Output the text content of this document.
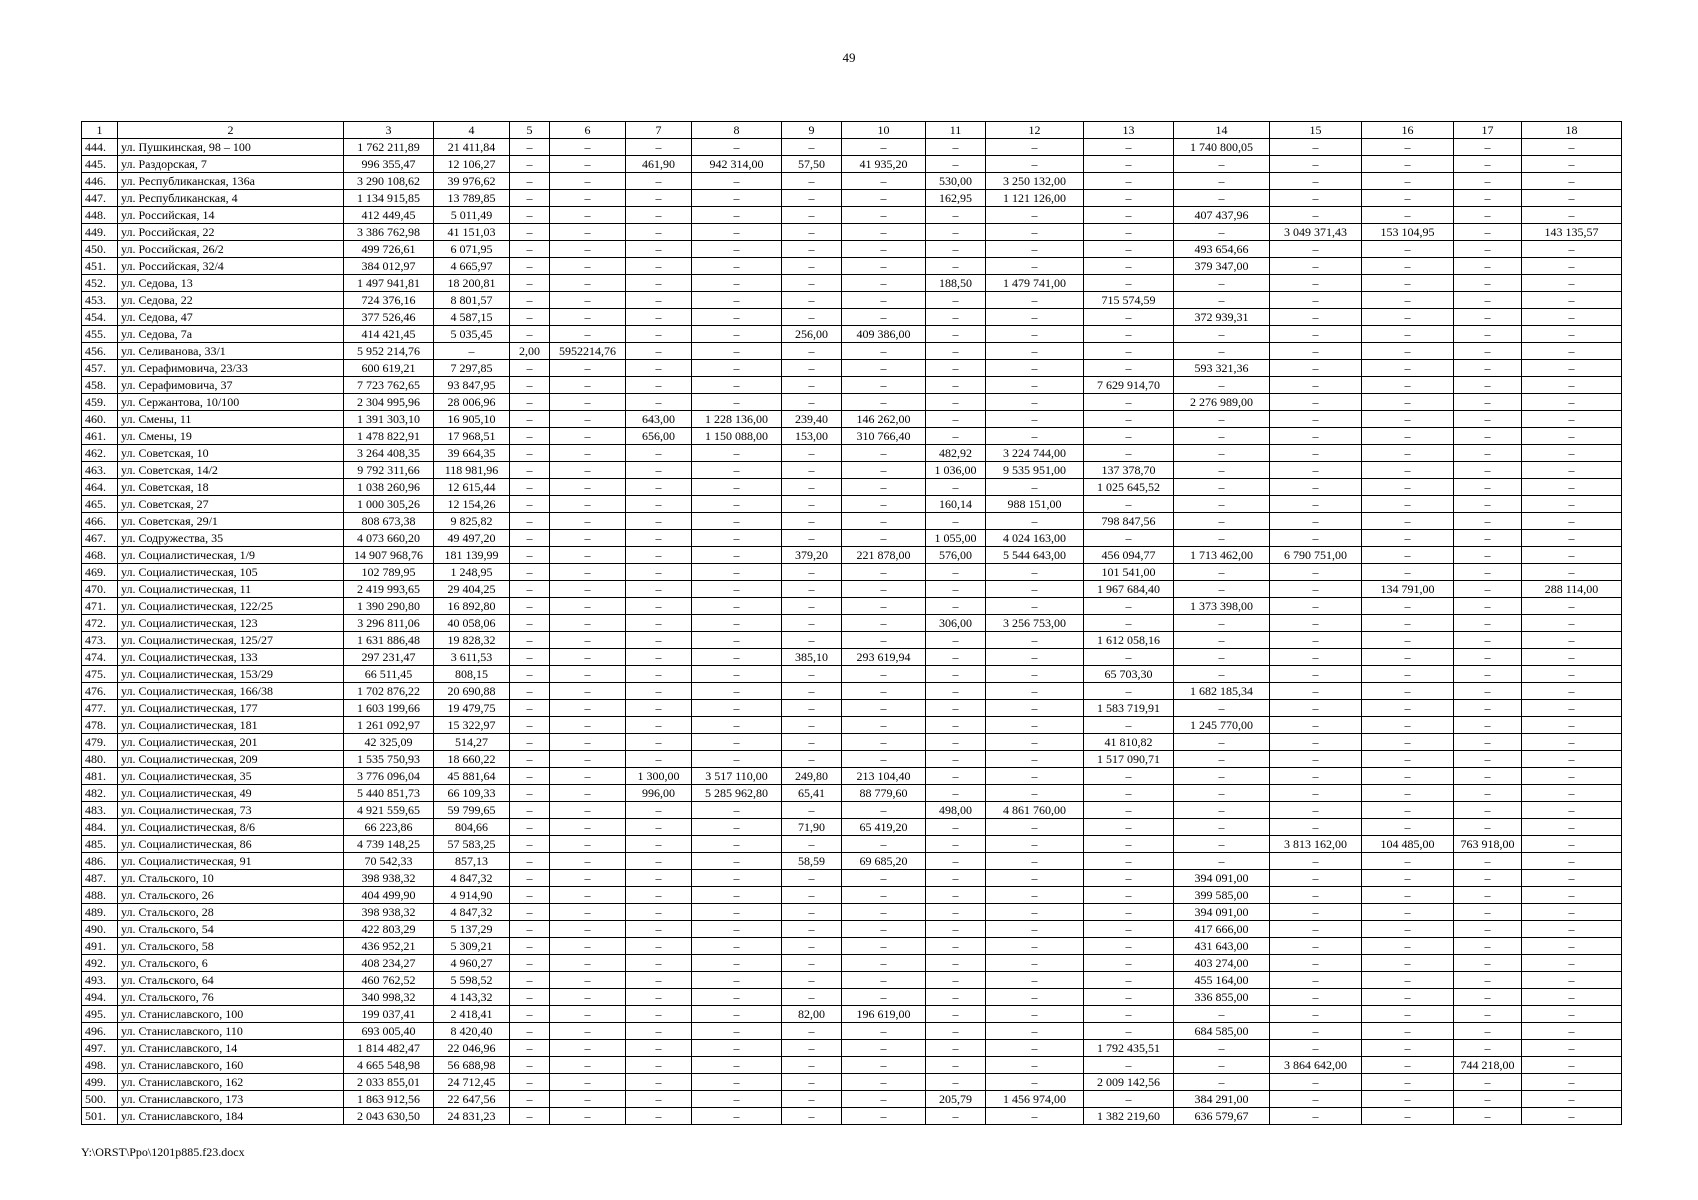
49
1	2	3	4	5	6	7	8	9	10	11	12	13	14	15	16	17	18
444.	ул. Пушкинская, 98 – 100	1 762 211,89	21 411,84	–	–	–	–	–	–	–	–	–	1 740 800,05	–	–	–	–
445.	ул. Раздорская, 7	996 355,47	12 106,27	–	–	461,90	942 314,00	57,50	41 935,20	–	–	–	–	–	–	–	–
446.	ул. Республиканская, 136а	3 290 108,62	39 976,62	–	–	–	–	–	–	530,00	3 250 132,00	–	–	–	–	–	–
447.	ул. Республиканская, 4	1 134 915,85	13 789,85	–	–	–	–	–	–	162,95	1 121 126,00	–	–	–	–	–	–
448.	ул. Российская, 14	412 449,45	5 011,49	–	–	–	–	–	–	–	–	–	407 437,96	–	–	–	–
449.	ул. Российская, 22	3 386 762,98	41 151,03	–	–	–	–	–	–	–	–	–	–	3 049 371,43	153 104,95	–	143 135,57
450.	ул. Российская, 26/2	499 726,61	6 071,95	–	–	–	–	–	–	–	–	–	493 654,66	–	–	–	–
451.	ул. Российская, 32/4	384 012,97	4 665,97	–	–	–	–	–	–	–	–	–	379 347,00	–	–	–	–
452.	ул. Седова, 13	1 497 941,81	18 200,81	–	–	–	–	–	–	188,50	1 479 741,00	–	–	–	–	–	–
453.	ул. Седова, 22	724 376,16	8 801,57	–	–	–	–	–	–	–	–	715 574,59	–	–	–	–	–
454.	ул. Седова, 47	377 526,46	4 587,15	–	–	–	–	–	–	–	–	–	372 939,31	–	–	–	–
455.	ул. Седова, 7а	414 421,45	5 035,45	–	–	–	–	256,00	409 386,00	–	–	–	–	–	–	–	–
456.	ул. Селиванова, 33/1	5 952 214,76	–	2,00	5952214,76	–	–	–	–	–	–	–	–	–	–	–	–
457.	ул. Серафимовича, 23/33	600 619,21	7 297,85	–	–	–	–	–	–	–	–	–	593 321,36	–	–	–	–
458.	ул. Серафимовича, 37	7 723 762,65	93 847,95	–	–	–	–	–	–	–	–	7 629 914,70	–	–	–	–	–
459.	ул. Сержантова, 10/100	2 304 995,96	28 006,96	–	–	–	–	–	–	–	–	–	2 276 989,00	–	–	–	–
460.	ул. Смены, 11	1 391 303,10	16 905,10	–	–	643,00	1 228 136,00	239,40	146 262,00	–	–	–	–	–	–	–	–
461.	ул. Смены, 19	1 478 822,91	17 968,51	–	–	656,00	1 150 088,00	153,00	310 766,40	–	–	–	–	–	–	–	–
462.	ул. Советская, 10	3 264 408,35	39 664,35	–	–	–	–	–	–	482,92	3 224 744,00	–	–	–	–	–	–
463.	ул. Советская, 14/2	9 792 311,66	118 981,96	–	–	–	–	–	–	1 036,00	9 535 951,00	137 378,70	–	–	–	–	–
464.	ул. Советская, 18	1 038 260,96	12 615,44	–	–	–	–	–	–	–	–	1 025 645,52	–	–	–	–	–
465.	ул. Советская, 27	1 000 305,26	12 154,26	–	–	–	–	–	–	160,14	988 151,00	–	–	–	–	–	–
466.	ул. Советская, 29/1	808 673,38	9 825,82	–	–	–	–	–	–	–	–	798 847,56	–	–	–	–	–
467.	ул. Содружества, 35	4 073 660,20	49 497,20	–	–	–	–	–	–	1 055,00	4 024 163,00	–	–	–	–	–	–
468.	ул. Социалистическая, 1/9	14 907 968,76	181 139,99	–	–	–	–	379,20	221 878,00	576,00	5 544 643,00	456 094,77	1 713 462,00	6 790 751,00	–	–	–
469.	ул. Социалистическая, 105	102 789,95	1 248,95	–	–	–	–	–	–	–	–	101 541,00	–	–	–	–	–
470.	ул. Социалистическая, 11	2 419 993,65	29 404,25	–	–	–	–	–	–	–	–	1 967 684,40	–	–	134 791,00	–	288 114,00
471.	ул. Социалистическая, 122/25	1 390 290,80	16 892,80	–	–	–	–	–	–	–	–	–	1 373 398,00	–	–	–	–
472.	ул. Социалистическая, 123	3 296 811,06	40 058,06	–	–	–	–	–	–	306,00	3 256 753,00	–	–	–	–	–	–
473.	ул. Социалистическая, 125/27	1 631 886,48	19 828,32	–	–	–	–	–	–	–	–	1 612 058,16	–	–	–	–	–
474.	ул. Социалистическая, 133	297 231,47	3 611,53	–	–	–	–	385,10	293 619,94	–	–	–	–	–	–	–	–
475.	ул. Социалистическая, 153/29	66 511,45	808,15	–	–	–	–	–	–	–	–	65 703,30	–	–	–	–	–
476.	ул. Социалистическая, 166/38	1 702 876,22	20 690,88	–	–	–	–	–	–	–	–	–	1 682 185,34	–	–	–	–
477.	ул. Социалистическая, 177	1 603 199,66	19 479,75	–	–	–	–	–	–	–	–	1 583 719,91	–	–	–	–	–
478.	ул. Социалистическая, 181	1 261 092,97	15 322,97	–	–	–	–	–	–	–	–	–	1 245 770,00	–	–	–	–
479.	ул. Социалистическая, 201	42 325,09	514,27	–	–	–	–	–	–	–	–	41 810,82	–	–	–	–	–
480.	ул. Социалистическая, 209	1 535 750,93	18 660,22	–	–	–	–	–	–	–	–	1 517 090,71	–	–	–	–	–
481.	ул. Социалистическая, 35	3 776 096,04	45 881,64	–	–	1 300,00	3 517 110,00	249,80	213 104,40	–	–	–	–	–	–	–	–
482.	ул. Социалистическая, 49	5 440 851,73	66 109,33	–	–	996,00	5 285 962,80	65,41	88 779,60	–	–	–	–	–	–	–	–
483.	ул. Социалистическая, 73	4 921 559,65	59 799,65	–	–	–	–	–	–	498,00	4 861 760,00	–	–	–	–	–	–
484.	ул. Социалистическая, 8/6	66 223,86	804,66	–	–	–	–	71,90	65 419,20	–	–	–	–	–	–	–	–
485.	ул. Социалистическая, 86	4 739 148,25	57 583,25	–	–	–	–	–	–	–	–	–	–	3 813 162,00	104 485,00	763 918,00	–
486.	ул. Социалистическая, 91	70 542,33	857,13	–	–	–	–	58,59	69 685,20	–	–	–	–	–	–	–	–
487.	ул. Стальского, 10	398 938,32	4 847,32	–	–	–	–	–	–	–	–	–	394 091,00	–	–	–	–
488.	ул. Стальского, 26	404 499,90	4 914,90	–	–	–	–	–	–	–	–	–	399 585,00	–	–	–	–
489.	ул. Стальского, 28	398 938,32	4 847,32	–	–	–	–	–	–	–	–	–	394 091,00	–	–	–	–
490.	ул. Стальского, 54	422 803,29	5 137,29	–	–	–	–	–	–	–	–	–	417 666,00	–	–	–	–
491.	ул. Стальского, 58	436 952,21	5 309,21	–	–	–	–	–	–	–	–	–	431 643,00	–	–	–	–
492.	ул. Стальского, 6	408 234,27	4 960,27	–	–	–	–	–	–	–	–	–	403 274,00	–	–	–	–
493.	ул. Стальского, 64	460 762,52	5 598,52	–	–	–	–	–	–	–	–	–	455 164,00	–	–	–	–
494.	ул. Стальского, 76	340 998,32	4 143,32	–	–	–	–	–	–	–	–	–	336 855,00	–	–	–	–
495.	ул. Станиславского, 100	199 037,41	2 418,41	–	–	–	–	82,00	196 619,00	–	–	–	–	–	–	–	–
496.	ул. Станиславского, 110	693 005,40	8 420,40	–	–	–	–	–	–	–	–	–	684 585,00	–	–	–	–
497.	ул. Станиславского, 14	1 814 482,47	22 046,96	–	–	–	–	–	–	–	–	1 792 435,51	–	–	–	–	–
498.	ул. Станиславского, 160	4 665 548,98	56 688,98	–	–	–	–	–	–	–	–	–	–	3 864 642,00	–	744 218,00	–
499.	ул. Станиславского, 162	2 033 855,01	24 712,45	–	–	–	–	–	–	–	–	2 009 142,56	–	–	–	–	–
500.	ул. Станиславского, 173	1 863 912,56	22 647,56	–	–	–	–	–	–	205,79	1 456 974,00	–	384 291,00	–	–	–	–
501.	ул. Станиславского, 184	2 043 630,50	24 831,23	–	–	–	–	–	–	–	–	1 382 219,60	636 579,67	–	–	–	–
Y:\ORST\Ppo\1201p885.f23.docx
